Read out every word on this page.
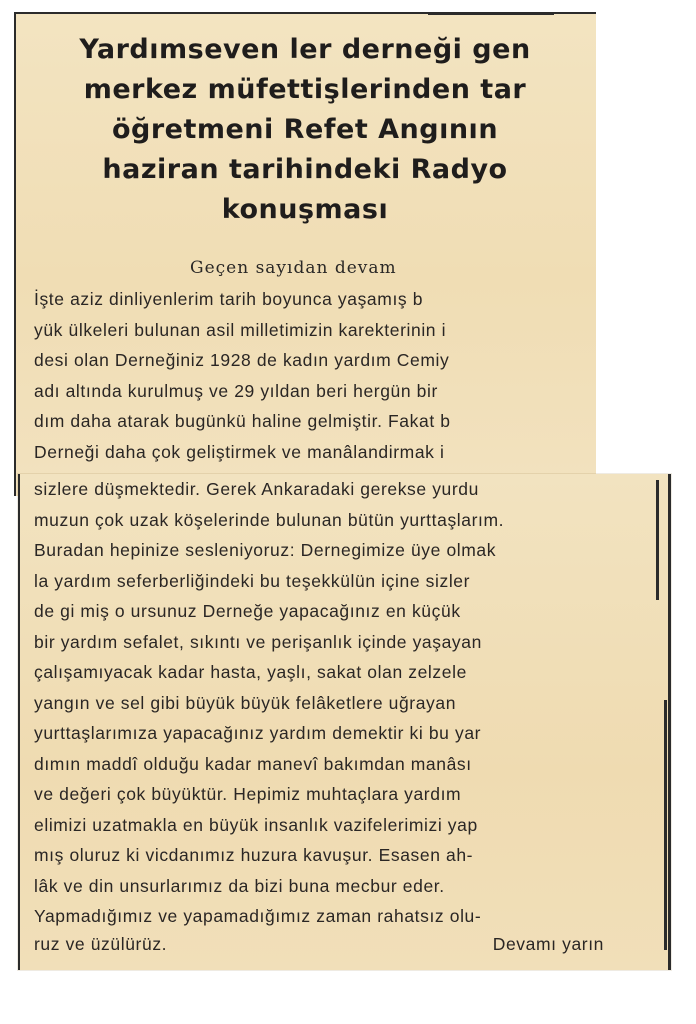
Yardımseven ler derneği gen
merkez müfettişlerinden tar
öğretmeni Refet Angının
haziran tarihindeki Radyo
konuşması
Geçen sayıdan devam
İşte aziz dinliyenlerim tarih boyunca yaşamış b
yük ülkeleri bulunan asil milletimizin karekterinin i
desi olan Derneğiniz 1928 de kadın yardım Cemiy
adı altında kurulmuş ve 29 yıldan beri hergün bir
dım daha atarak bugünkü haline gelmiştir. Fakat b
Derneği daha çok geliştirmek ve manâlandirmak i
sizlere düşmektedir. Gerek Ankaradaki gerekse yurdu
muzun çok uzak köşelerinde bulunan bütün yurttaşlarım.
Buradan hepinize sesleniyoruz: Dernegimize üye olmak
la yardım seferberliğindeki bu teşekkülün içine sizler
de gi miş o ursunuz Derneğe yapacağınız en küçük
bir yardım sefalet, sıkıntı ve perişanlık içinde yaşayan
çalışamıyacak kadar hasta, yaşlı, sakat olan zelzele
yangın ve sel gibi büyük büyük felâketlere uğrayan
yurttaşlarımıza yapacağınız yardım demektir ki bu yar
dımın maddî olduğu kadar manevî bakımdan manâsı
ve değeri çok büyüktür. Hepimiz muhtaçlara yardım
elimizi uzatmakla en büyük insanlık vazifelerimizi yap
mış oluruz ki vicdanımız huzura kavuşur. Esasen ah-
lâk ve din unsurlarımız da bizi buna mecbur eder.
Yapmadığımız ve yapamadığımız zaman rahatsız olu-
ruz ve üzülürüz.	Devamı yarın
